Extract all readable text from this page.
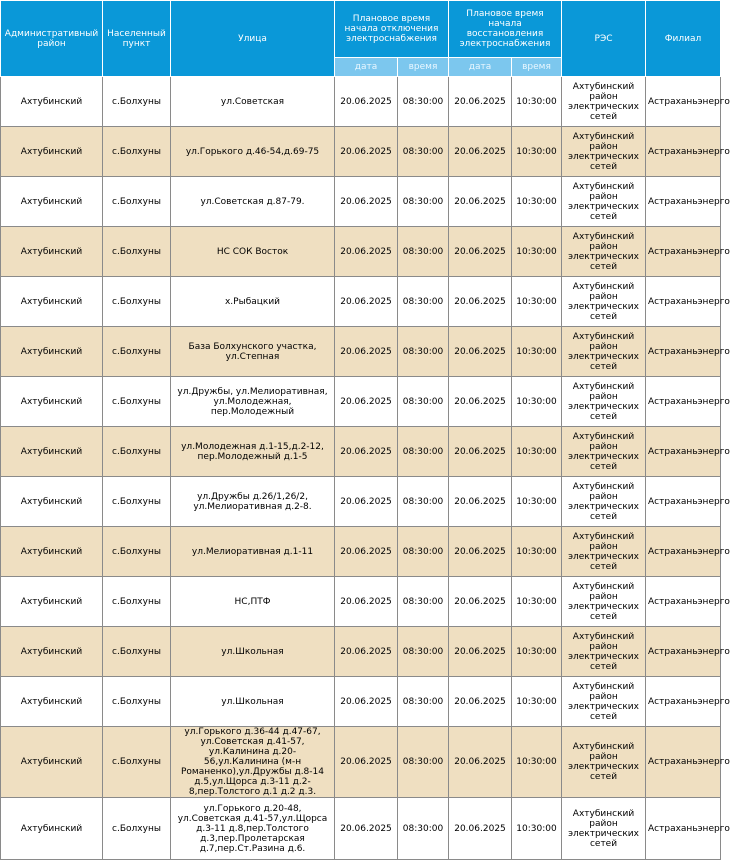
Административный район	Населенный пункт	Улица	Плановое время начала отключения электроснабжения		Плановое время начала восстановления электроснабжения		РЭС	Филиал
			дата	время	дата	время		
Ахтубинский	с.Болхуны	ул.Советская	20.06.2025	08:30:00	20.06.2025	10:30:00	Ахтубинский район электрических сетей	Астраханьэнерго
Ахтубинский	с.Болхуны	ул.Горького д.46-54,д.69-75	20.06.2025	08:30:00	20.06.2025	10:30:00	Ахтубинский район электрических сетей	Астраханьэнерго
Ахтубинский	с.Болхуны	ул.Советская д.87-79.	20.06.2025	08:30:00	20.06.2025	10:30:00	Ахтубинский район электрических сетей	Астраханьэнерго
Ахтубинский	с.Болхуны	НС СОК Восток	20.06.2025	08:30:00	20.06.2025	10:30:00	Ахтубинский район электрических сетей	Астраханьэнерго
Ахтубинский	с.Болхуны	х.Рыбацкий	20.06.2025	08:30:00	20.06.2025	10:30:00	Ахтубинский район электрических сетей	Астраханьэнерго
Ахтубинский	с.Болхуны	База Болхунского участка, ул.Степная	20.06.2025	08:30:00	20.06.2025	10:30:00	Ахтубинский район электрических сетей	Астраханьэнерго
Ахтубинский	с.Болхуны	ул.Дружбы, ул.Мелиоративная, ул.Молодежная, пер.Молодежный	20.06.2025	08:30:00	20.06.2025	10:30:00	Ахтубинский район электрических сетей	Астраханьэнерго
Ахтубинский	с.Болхуны	ул.Молодежная д.1-15,д.2-12, пер.Молодежный д.1-5	20.06.2025	08:30:00	20.06.2025	10:30:00	Ахтубинский район электрических сетей	Астраханьэнерго
Ахтубинский	с.Болхуны	ул.Дружбы д.26/1,26/2, ул.Мелиоративная д.2-8.	20.06.2025	08:30:00	20.06.2025	10:30:00	Ахтубинский район электрических сетей	Астраханьэнерго
Ахтубинский	с.Болхуны	ул.Мелиоративная д.1-11	20.06.2025	08:30:00	20.06.2025	10:30:00	Ахтубинский район электрических сетей	Астраханьэнерго
Ахтубинский	с.Болхуны	НС,ПТФ	20.06.2025	08:30:00	20.06.2025	10:30:00	Ахтубинский район электрических сетей	Астраханьэнерго
Ахтубинский	с.Болхуны	ул.Школьная	20.06.2025	08:30:00	20.06.2025	10:30:00	Ахтубинский район электрических сетей	Астраханьэнерго
Ахтубинский	с.Болхуны	ул.Школьная	20.06.2025	08:30:00	20.06.2025	10:30:00	Ахтубинский район электрических сетей	Астраханьэнерго
Ахтубинский	с.Болхуны	ул.Горького д.36-44 д.47-67, ул.Советская д.41-57, ул.Калинина д.20-56,ул.Калинина (м-н Романенко),ул.Дружбы д.8-14 д.5,ул.Щорса д.3-11 д.2-8,пер.Толстого д.1 д.2 д.3.	20.06.2025	08:30:00	20.06.2025	10:30:00	Ахтубинский район электрических сетей	Астраханьэнерго
Ахтубинский	с.Болхуны	ул.Горького д.20-48, ул.Советская д.41-57,ул.Щорса д.3-11 д.8,пер.Толстого д.3,пер.Пролетарская д.7,пер.Ст.Разина д.6.	20.06.2025	08:30:00	20.06.2025	10:30:00	Ахтубинский район электрических сетей	Астраханьэнерго
